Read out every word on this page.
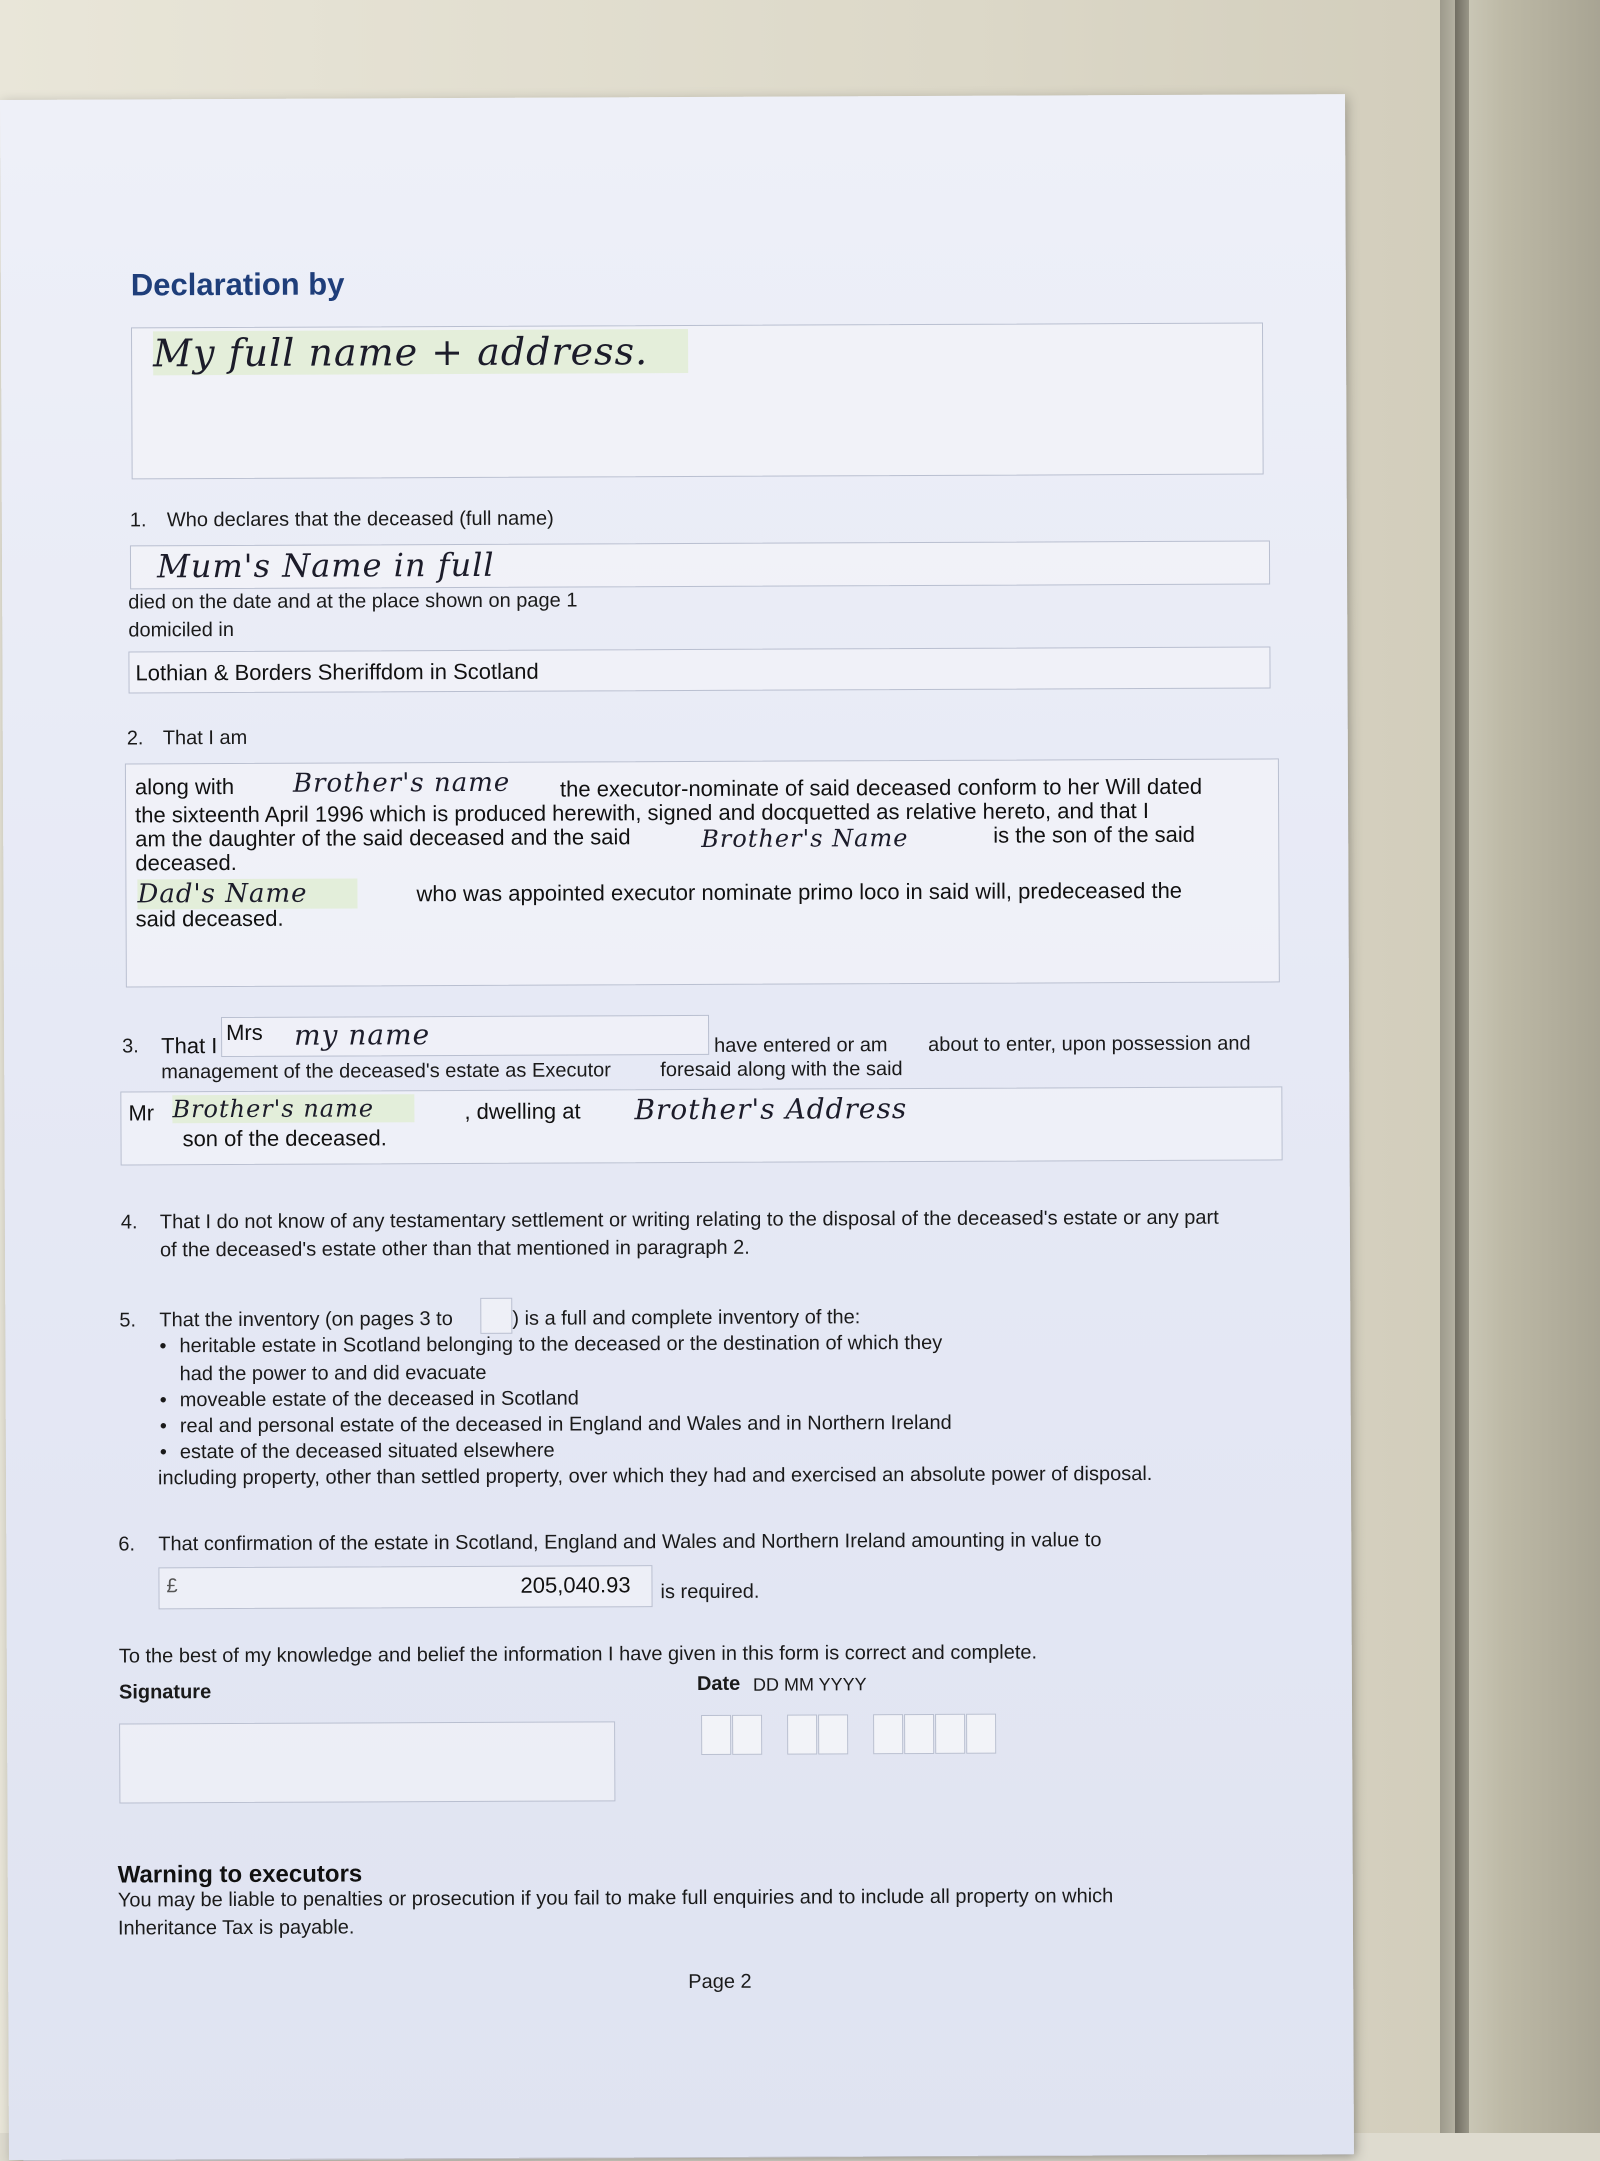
Declaration by
My full name + address.
1. Who declares that the deceased (full name)
Mum's Name in full
died on the date and at the place shown on page 1
domiciled in
Lothian & Borders Sheriffdom in Scotland
2. That I am
along with Brother's name the executor-nominate of said deceased conform to her Will dated
the sixteenth April 1996 which is produced herewith, signed and docquetted as relative hereto, and that I
am the daughter of the said deceased and the said	Brother's Name	is the son of the said
deceased.
Dad's Name	who was appointed executor nominate primo loco in said will, predeceased the
said deceased.
3. That I
Mrs my name	have entered or am about to enter, upon possession and
management of the deceased's estate as Executor foresaid along with the said
Mr Brother's name	, dwelling at Brother's Address
son of the deceased.
4. That I do not know of any testamentary settlement or writing relating to the disposal of the deceased's estate or any part
of the deceased's estate other than that mentioned in paragraph 2.
5. That the inventory (on pages 3 to	) is a full and complete inventory of the:
• heritable estate in Scotland belonging to the deceased or the destination of which they
had the power to and did evacuate
• moveable estate of the deceased in Scotland
• real and personal estate of the deceased in England and Wales and in Northern Ireland
• estate of the deceased situated elsewhere
including property, other than settled property, over which they had and exercised an absolute power of disposal.
6. That confirmation of the estate in Scotland, England and Wales and Northern Ireland amounting in value to
£	205,040.93 is required.
To the best of my knowledge and belief the information I have given in this form is correct and complete.
Signature	Date DD MM YYYY
Warning to executors
You may be liable to penalties or prosecution if you fail to make full enquiries and to include all property on which
Inheritance Tax is payable.
Page 2
